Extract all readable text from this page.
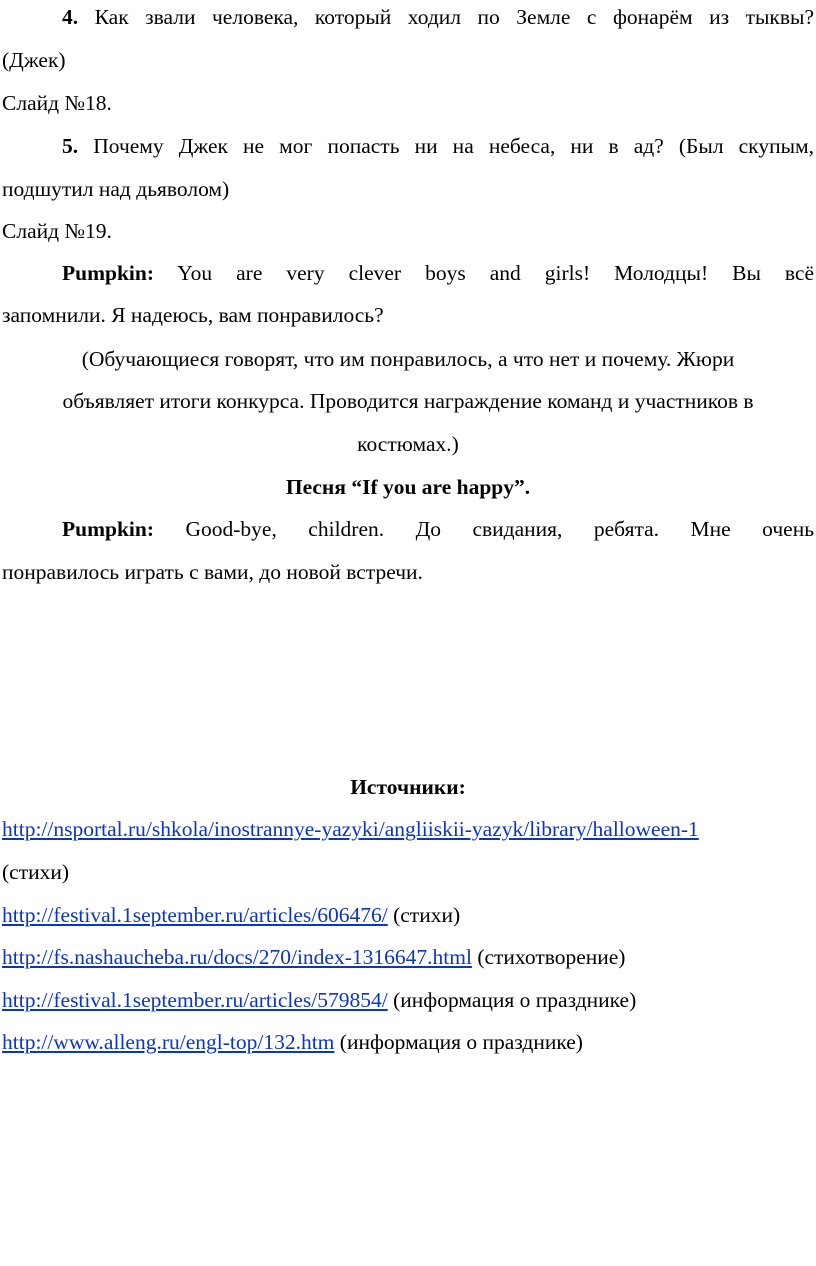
4. Как звали человека, который ходил по Земле с фонарём из тыквы?
(Джек)
Слайд №18.
5. Почему Джек не мог попасть ни на небеса, ни в ад? (Был скупым,
подшутил над дьяволом)
Слайд №19.
Pumpkin: You are very clever boys and girls! Молодцы! Вы всё
запомнили. Я надеюсь, вам понравилось?
(Обучающиеся говорят, что им понравилось, а что нет и почему. Жюри
объявляет итоги конкурса. Проводится награждение команд и участников в
костюмах.)
Песня “If you are happy”.
Pumpkin: Good-bye, children. До свидания, ребята. Мне очень
понравилось играть с вами, до новой встречи.
Источники:
http://nsportal.ru/shkola/inostrannye-yazyki/angliiskii-yazyk/library/halloween-1
(стихи)
http://festival.1september.ru/articles/606476/ (стихи)
http://fs.nashaucheba.ru/docs/270/index-1316647.html (стихотворение)
http://festival.1september.ru/articles/579854/ (информация о празднике)
http://www.alleng.ru/engl-top/132.htm (информация о празднике)
